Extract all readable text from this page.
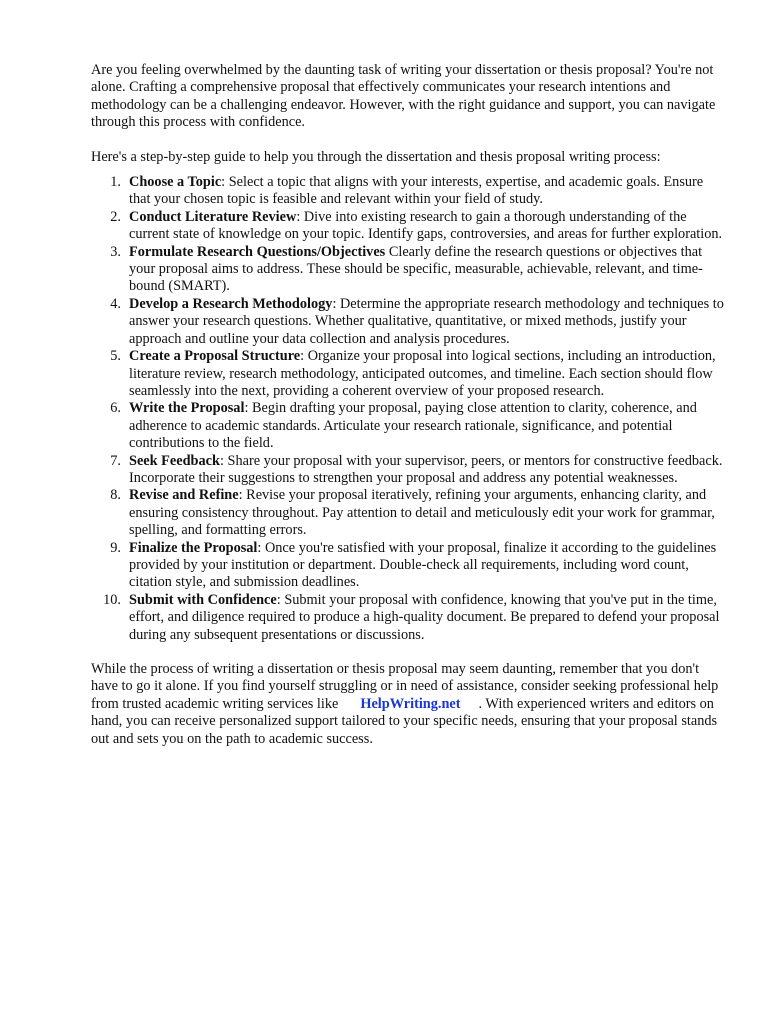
Are you feeling overwhelmed by the daunting task of writing your dissertation or thesis proposal? You're not alone. Crafting a comprehensive proposal that effectively communicates your research intentions and methodology can be a challenging endeavor. However, with the right guidance and support, you can navigate through this process with confidence.

Here's a step-by-step guide to help you through the dissertation and thesis proposal writing process:

1. Choose a Topic: Select a topic that aligns with your interests, expertise, and academic goals. Ensure that your chosen topic is feasible and relevant within your field of study.
2. Conduct Literature Review: Dive into existing research to gain a thorough understanding of the current state of knowledge on your topic. Identify gaps, controversies, and areas for further exploration.
3. Formulate Research Questions/Objectives Clearly define the research questions or objectives that your proposal aims to address. These should be specific, measurable, achievable, relevant, and time-bound (SMART).
4. Develop a Research Methodology: Determine the appropriate research methodology and techniques to answer your research questions. Whether qualitative, quantitative, or mixed methods, justify your approach and outline your data collection and analysis procedures.
5. Create a Proposal Structure: Organize your proposal into logical sections, including an introduction, literature review, research methodology, anticipated outcomes, and timeline. Each section should flow seamlessly into the next, providing a coherent overview of your proposed research.
6. Write the Proposal: Begin drafting your proposal, paying close attention to clarity, coherence, and adherence to academic standards. Articulate your research rationale, significance, and potential contributions to the field.
7. Seek Feedback: Share your proposal with your supervisor, peers, or mentors for constructive feedback. Incorporate their suggestions to strengthen your proposal and address any potential weaknesses.
8. Revise and Refine: Revise your proposal iteratively, refining your arguments, enhancing clarity, and ensuring consistency throughout. Pay attention to detail and meticulously edit your work for grammar, spelling, and formatting errors.
9. Finalize the Proposal: Once you're satisfied with your proposal, finalize it according to the guidelines provided by your institution or department. Double-check all requirements, including word count, citation style, and submission deadlines.
10. Submit with Confidence: Submit your proposal with confidence, knowing that you've put in the time, effort, and diligence required to produce a high-quality document. Be prepared to defend your proposal during any subsequent presentations or discussions.

While the process of writing a dissertation or thesis proposal may seem daunting, remember that you don't have to go it alone. If you find yourself struggling or in need of assistance, consider seeking professional help from trusted academic writing services like HelpWriting.net . With experienced writers and editors on hand, you can receive personalized support tailored to your specific needs, ensuring that your proposal stands out and sets you on the path to academic success.
